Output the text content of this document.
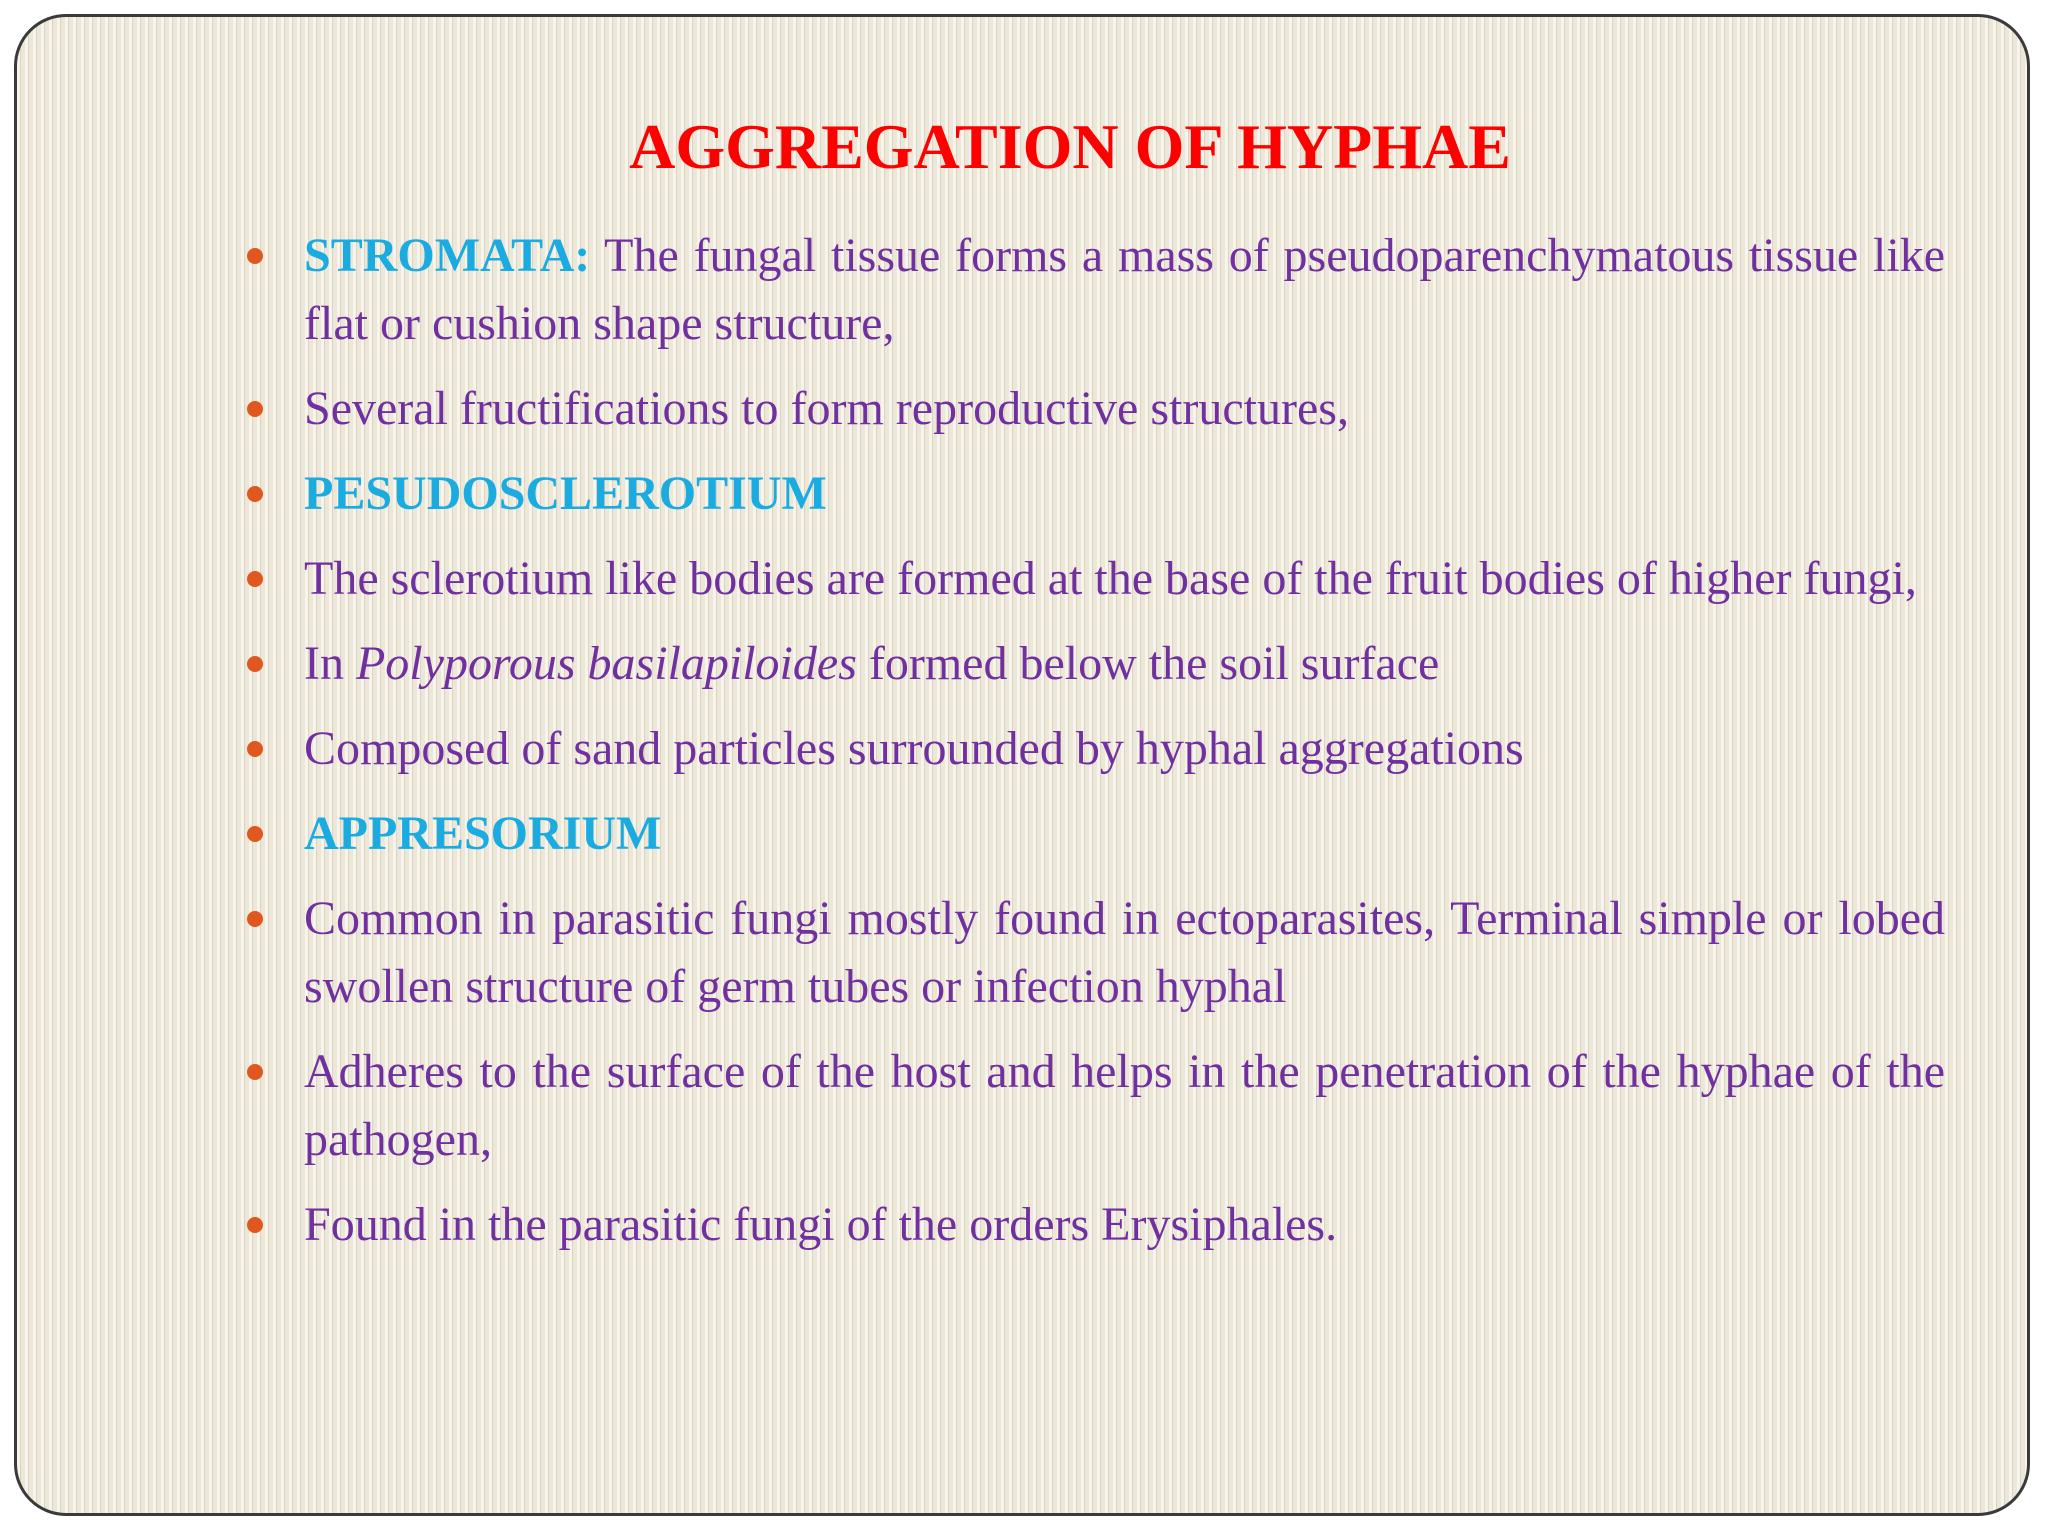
AGGREGATION OF HYPHAE
STROMATA: The fungal tissue forms a mass of pseudoparenchymatous tissue like flat or cushion shape structure,
Several fructifications to form reproductive structures,
PESUDOSCLEROTIUM
The sclerotium like bodies are formed at the base of the fruit bodies of higher fungi,
In Polyporous basilapiloides formed below the soil surface
Composed of sand particles surrounded by hyphal aggregations
APPRESORIUM
Common in parasitic fungi mostly found in ectoparasites, Terminal simple or lobed swollen structure of germ tubes or infection hyphal
Adheres to the surface of the host and helps in the penetration of the hyphae of the pathogen,
Found in the parasitic fungi of the orders Erysiphales.
